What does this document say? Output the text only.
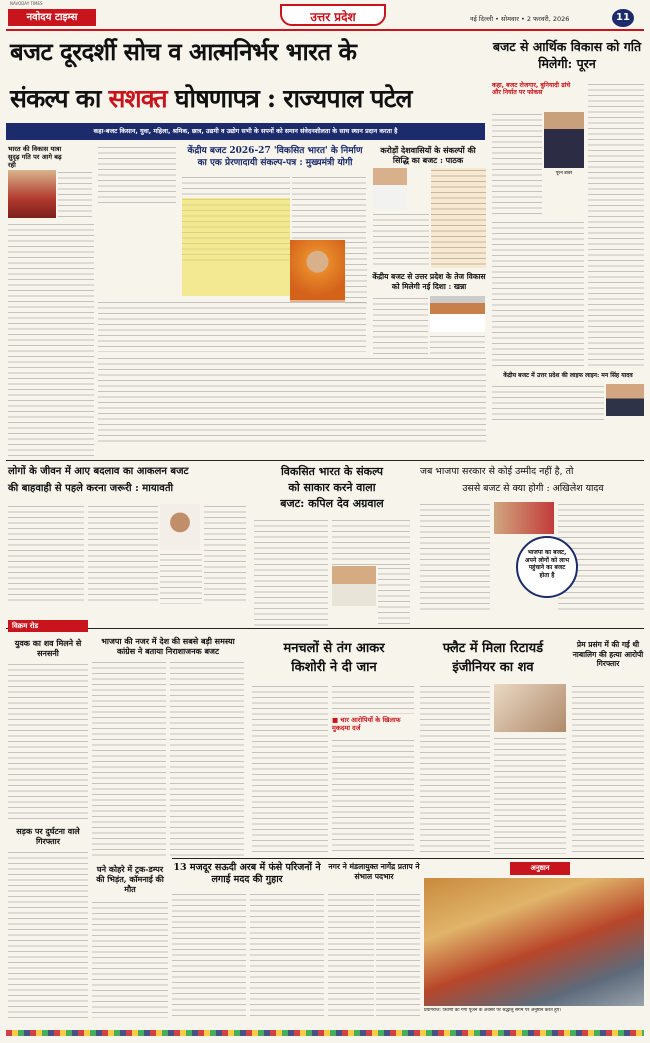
NAVODAY TIMES
नवोदय टाइम्स	उत्तर प्रदेश	नई दिल्ली • सोमवार • 2 फरवरी, 2026	11
बजट दूरदर्शी सोच व आत्मनिर्भर भारत के
संकल्प का सशक्त घोषणापत्र : राज्यपाल पटेल
कहा-बजट किसान, युवा, महिला, श्रमिक, छात्र, उद्यमी व उद्योग सभी के सपनों को समान संवेदनशीलता के साथ स्थान प्रदान करता है
भारत की विकास यात्रा सुदृढ़ गति पर आगे बढ़ रही
बजट से आर्थिक विकास को गति मिलेगी: पूरन
कहा, बजट रोजगार, बुनियादी ढांचे और निर्यात पर फोकस
पूरन डावर
केंद्रीय बजट 2026-27 'विकसित भारत' के निर्माण का एक प्रेरणादायी संकल्प-पत्र : मुख्यमंत्री योगी
करोड़ों देशवासियों के संकल्पों की सिद्धि का बजट : पाठक
केंद्रीय बजट से उत्तर प्रदेश के तेज विकास को मिलेगी नई दिशा : खन्ना
केंद्रीय बजट में उत्तर प्रदेश की लाइफ लाइन: मन सिंह यादव
लोगों के जीवन में आए बदलाव का आकलन बजट
की बाहवाही से पहले करना जरूरी : मायावती
विकसित भारत के संकल्प
को साकार करने वाला
बजट: कपिल देव अग्रवाल
जब भाजपा सरकार से कोई उम्मीद नहीं है, तो
उससे बजट से क्या होगी : अखिलेश यादव
भाजपा का बजट, अपने लोगों को लाभ पहुंचाने का बजट होता है
विक्रम रोड
युवक का शव मिलने से सनसनी
सड़क पर दुर्घटना वाले गिरफ्तार
भाजपा की नजर में देश की सबसे बड़ी समस्या कांग्रेस ने बताया निराशाजनक बजट
घने कोहरे में ट्रक-डम्पर की भिड़ंत, कॉमनाई की मौत
मनचलों से तंग आकर
किशोरी ने दी जान
■ चार आरोपियों के खिलाफ मुकदमा दर्ज
फ्लैट में मिला रिटायर्ड
इंजीनियर का शव
प्रेम प्रसंग में की गई थी नाबालिग की हत्या आरोपी गिरफ्तार
13 मजदूर सऊदी अरब में फंसे परिजनों ने लगाई मदद की गुहार
नगर ने मंडलायुक्त नागेंद्र प्रताप ने संभाल पदभार
अनुष्ठान
प्रयागराज: त्रिवेणी को गंगा पूजन के अवसर पर श्रद्धालु संगम पर अनुष्ठान करते हुए।
